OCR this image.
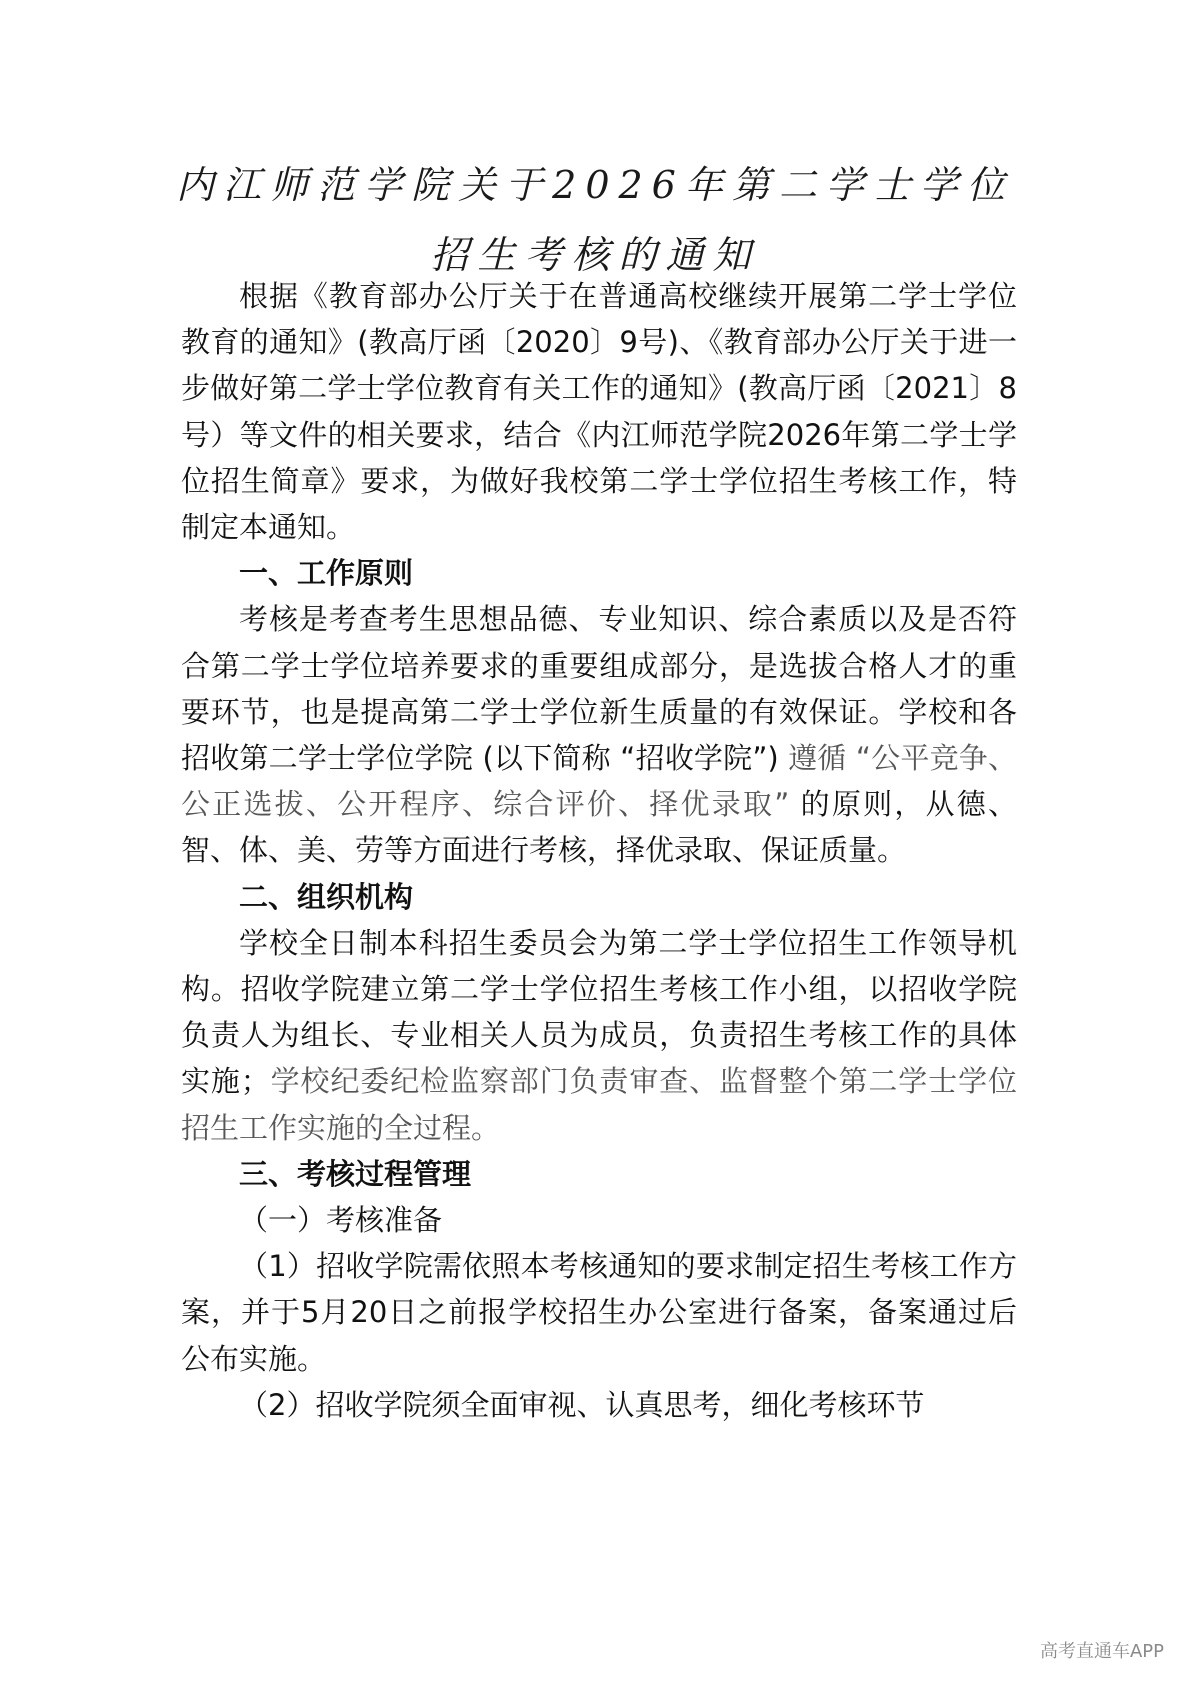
内江师范学院关于2026年第二学士学位
招生考核的通知

根据《教育部办公厅关于在普通高校继续开展第二学士学位教育的通知》(教高厅函〔2020〕9号)、《教育部办公厅关于进一步做好第二学士学位教育有关工作的通知》(教高厅函〔2021〕8号）等文件的相关要求，结合《内江师范学院2026年第二学士学位招生简章》要求，为做好我校第二学士学位招生考核工作，特制定本通知。

一、工作原则

考核是考查考生思想品德、专业知识、综合素质以及是否符合第二学士学位培养要求的重要组成部分，是选拔合格人才的重要环节，也是提高第二学士学位新生质量的有效保证。学校和各招收第二学士学位学院 (以下简称 “招收学院”) 遵循 “公平竞争、公正选拔、公开程序、综合评价、择优录取” 的原则，从德、智、体、美、劳等方面进行考核，择优录取、保证质量。

二、组织机构

学校全日制本科招生委员会为第二学士学位招生工作领导机构。招收学院建立第二学士学位招生考核工作小组，以招收学院负责人为组长、专业相关人员为成员，负责招生考核工作的具体实施；学校纪委纪检监察部门负责审查、监督整个第二学士学位招生工作实施的全过程。

三、考核过程管理

（一）考核准备

（1）招收学院需依照本考核通知的要求制定招生考核工作方案，并于5月20日之前报学校招生办公室进行备案，备案通过后公布实施。

（2）招收学院须全面审视、认真思考，细化考核环节

高考直通车APP
